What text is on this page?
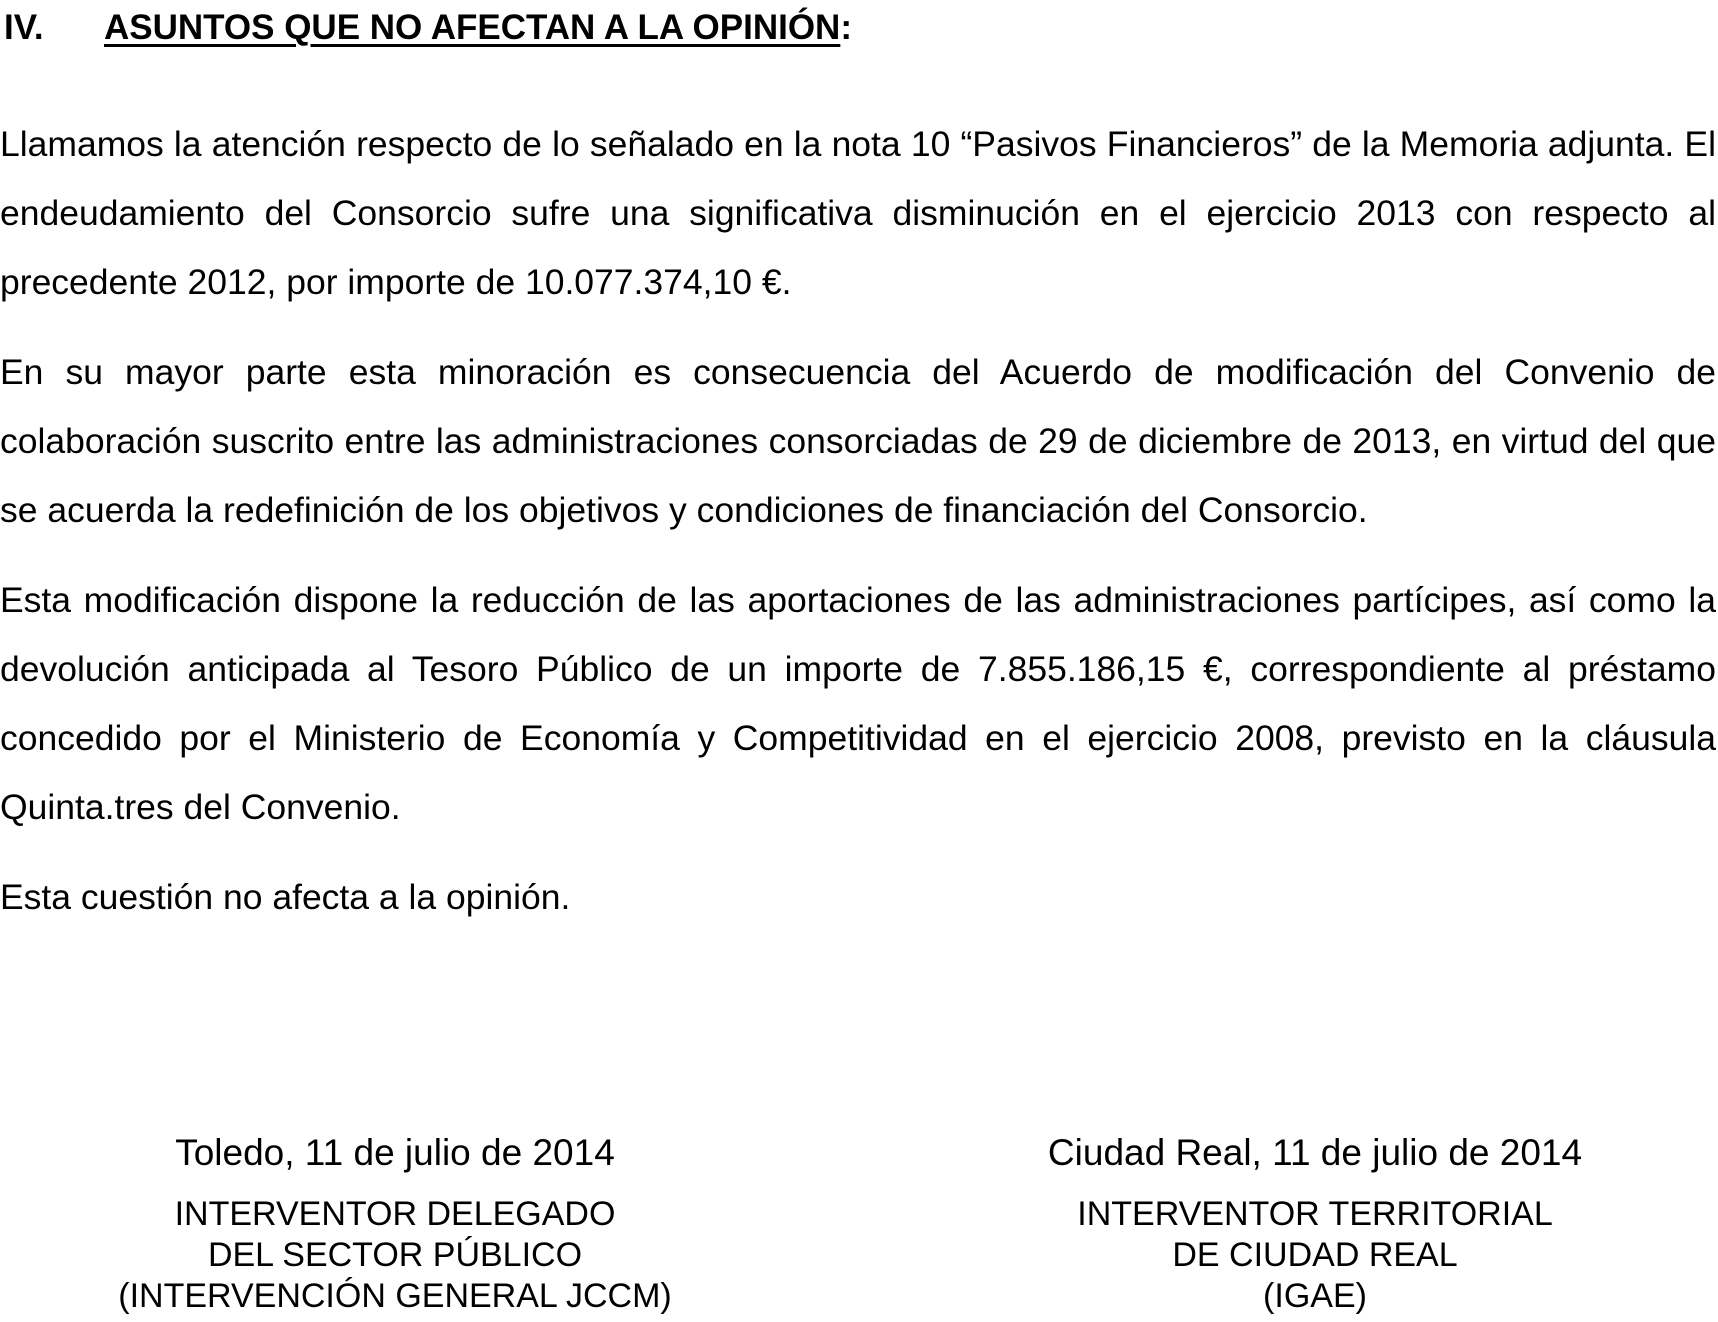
IV. ASUNTOS QUE NO AFECTAN A LA OPINIÓN:

Llamamos la atención respecto de lo señalado en la nota 10 “Pasivos Financieros” de la Memoria adjunta. El endeudamiento del Consorcio sufre una significativa disminución en el ejercicio 2013 con respecto al precedente 2012, por importe de 10.077.374,10 €.

En su mayor parte esta minoración es consecuencia del Acuerdo de modificación del Convenio de colaboración suscrito entre las administraciones consorciadas de 29 de diciembre de 2013, en virtud del que se acuerda la redefinición de los objetivos y condiciones de financiación del Consorcio.

Esta modificación dispone la reducción de las aportaciones de las administraciones partícipes, así como la devolución anticipada al Tesoro Público de un importe de 7.855.186,15 €, correspondiente al préstamo concedido por el Ministerio de Economía y Competitividad en el ejercicio 2008, previsto en la cláusula Quinta.tres del Convenio.

Esta cuestión no afecta a la opinión.

Toledo, 11 de julio de 2014
INTERVENTOR DELEGADO
DEL SECTOR PÚBLICO
(INTERVENCIÓN GENERAL JCCM)
Ciudad Real, 11 de julio de 2014
INTERVENTOR TERRITORIAL
DE CIUDAD REAL
(IGAE)
